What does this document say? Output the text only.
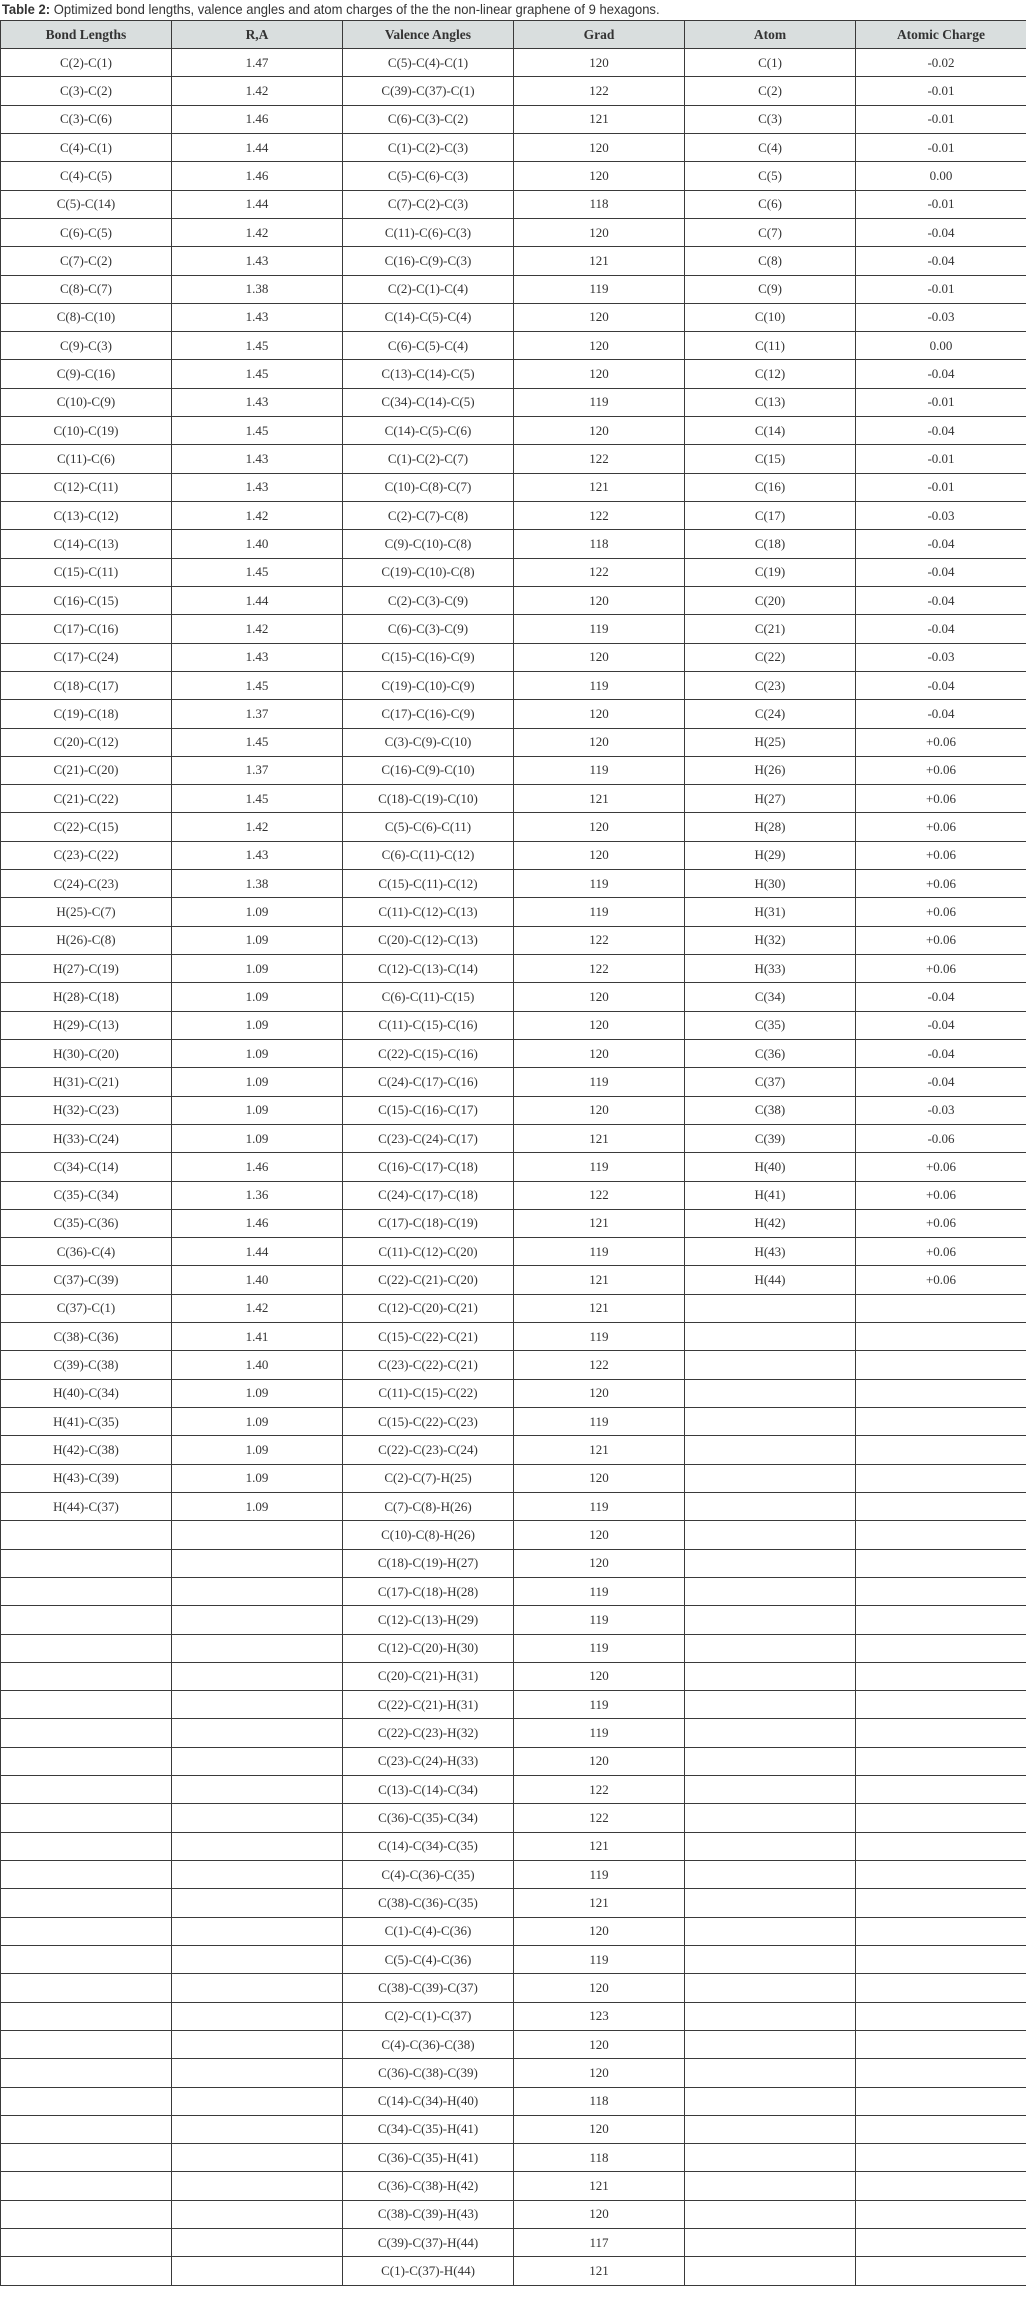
Table 2: Optimized bond lengths, valence angles and atom charges of the the non-linear graphene of 9 hexagons.
Bond Lengths	R,A	Valence Angles	Grad	Atom	Atomic Charge
C(2)-C(1)	1.47	C(5)-C(4)-C(1)	120	C(1)	-0.02
C(3)-C(2)	1.42	C(39)-C(37)-C(1)	122	C(2)	-0.01
C(3)-C(6)	1.46	C(6)-C(3)-C(2)	121	C(3)	-0.01
C(4)-C(1)	1.44	C(1)-C(2)-C(3)	120	C(4)	-0.01
C(4)-C(5)	1.46	C(5)-C(6)-C(3)	120	C(5)	0.00
C(5)-C(14)	1.44	C(7)-C(2)-C(3)	118	C(6)	-0.01
C(6)-C(5)	1.42	C(11)-C(6)-C(3)	120	C(7)	-0.04
C(7)-C(2)	1.43	C(16)-C(9)-C(3)	121	C(8)	-0.04
C(8)-C(7)	1.38	C(2)-C(1)-C(4)	119	C(9)	-0.01
C(8)-C(10)	1.43	C(14)-C(5)-C(4)	120	C(10)	-0.03
C(9)-C(3)	1.45	C(6)-C(5)-C(4)	120	C(11)	0.00
C(9)-C(16)	1.45	C(13)-C(14)-C(5)	120	C(12)	-0.04
C(10)-C(9)	1.43	C(34)-C(14)-C(5)	119	C(13)	-0.01
C(10)-C(19)	1.45	C(14)-C(5)-C(6)	120	C(14)	-0.04
C(11)-C(6)	1.43	C(1)-C(2)-C(7)	122	C(15)	-0.01
C(12)-C(11)	1.43	C(10)-C(8)-C(7)	121	C(16)	-0.01
C(13)-C(12)	1.42	C(2)-C(7)-C(8)	122	C(17)	-0.03
C(14)-C(13)	1.40	C(9)-C(10)-C(8)	118	C(18)	-0.04
C(15)-C(11)	1.45	C(19)-C(10)-C(8)	122	C(19)	-0.04
C(16)-C(15)	1.44	C(2)-C(3)-C(9)	120	C(20)	-0.04
C(17)-C(16)	1.42	C(6)-C(3)-C(9)	119	C(21)	-0.04
C(17)-C(24)	1.43	C(15)-C(16)-C(9)	120	C(22)	-0.03
C(18)-C(17)	1.45	C(19)-C(10)-C(9)	119	C(23)	-0.04
C(19)-C(18)	1.37	C(17)-C(16)-C(9)	120	C(24)	-0.04
C(20)-C(12)	1.45	C(3)-C(9)-C(10)	120	H(25)	+0.06
C(21)-C(20)	1.37	C(16)-C(9)-C(10)	119	H(26)	+0.06
C(21)-C(22)	1.45	C(18)-C(19)-C(10)	121	H(27)	+0.06
C(22)-C(15)	1.42	C(5)-C(6)-C(11)	120	H(28)	+0.06
C(23)-C(22)	1.43	C(6)-C(11)-C(12)	120	H(29)	+0.06
C(24)-C(23)	1.38	C(15)-C(11)-C(12)	119	H(30)	+0.06
H(25)-C(7)	1.09	C(11)-C(12)-C(13)	119	H(31)	+0.06
H(26)-C(8)	1.09	C(20)-C(12)-C(13)	122	H(32)	+0.06
H(27)-C(19)	1.09	C(12)-C(13)-C(14)	122	H(33)	+0.06
H(28)-C(18)	1.09	C(6)-C(11)-C(15)	120	C(34)	-0.04
H(29)-C(13)	1.09	C(11)-C(15)-C(16)	120	C(35)	-0.04
H(30)-C(20)	1.09	C(22)-C(15)-C(16)	120	C(36)	-0.04
H(31)-C(21)	1.09	C(24)-C(17)-C(16)	119	C(37)	-0.04
H(32)-C(23)	1.09	C(15)-C(16)-C(17)	120	C(38)	-0.03
H(33)-C(24)	1.09	C(23)-C(24)-C(17)	121	C(39)	-0.06
C(34)-C(14)	1.46	C(16)-C(17)-C(18)	119	H(40)	+0.06
C(35)-C(34)	1.36	C(24)-C(17)-C(18)	122	H(41)	+0.06
C(35)-C(36)	1.46	C(17)-C(18)-C(19)	121	H(42)	+0.06
C(36)-C(4)	1.44	C(11)-C(12)-C(20)	119	H(43)	+0.06
C(37)-C(39)	1.40	C(22)-C(21)-C(20)	121	H(44)	+0.06
C(37)-C(1)	1.42	C(12)-C(20)-C(21)	121		
C(38)-C(36)	1.41	C(15)-C(22)-C(21)	119		
C(39)-C(38)	1.40	C(23)-C(22)-C(21)	122		
H(40)-C(34)	1.09	C(11)-C(15)-C(22)	120		
H(41)-C(35)	1.09	C(15)-C(22)-C(23)	119		
H(42)-C(38)	1.09	C(22)-C(23)-C(24)	121		
H(43)-C(39)	1.09	C(2)-C(7)-H(25)	120		
H(44)-C(37)	1.09	C(7)-C(8)-H(26)	119		
		C(10)-C(8)-H(26)	120		
		C(18)-C(19)-H(27)	120		
		C(17)-C(18)-H(28)	119		
		C(12)-C(13)-H(29)	119		
		C(12)-C(20)-H(30)	119		
		C(20)-C(21)-H(31)	120		
		C(22)-C(21)-H(31)	119		
		C(22)-C(23)-H(32)	119		
		C(23)-C(24)-H(33)	120		
		C(13)-C(14)-C(34)	122		
		C(36)-C(35)-C(34)	122		
		C(14)-C(34)-C(35)	121		
		C(4)-C(36)-C(35)	119		
		C(38)-C(36)-C(35)	121		
		C(1)-C(4)-C(36)	120		
		C(5)-C(4)-C(36)	119		
		C(38)-C(39)-C(37)	120		
		C(2)-C(1)-C(37)	123		
		C(4)-C(36)-C(38)	120		
		C(36)-C(38)-C(39)	120		
		C(14)-C(34)-H(40)	118		
		C(34)-C(35)-H(41)	120		
		C(36)-C(35)-H(41)	118		
		C(36)-C(38)-H(42)	121		
		C(38)-C(39)-H(43)	120		
		C(39)-C(37)-H(44)	117		
		C(1)-C(37)-H(44)	121		
